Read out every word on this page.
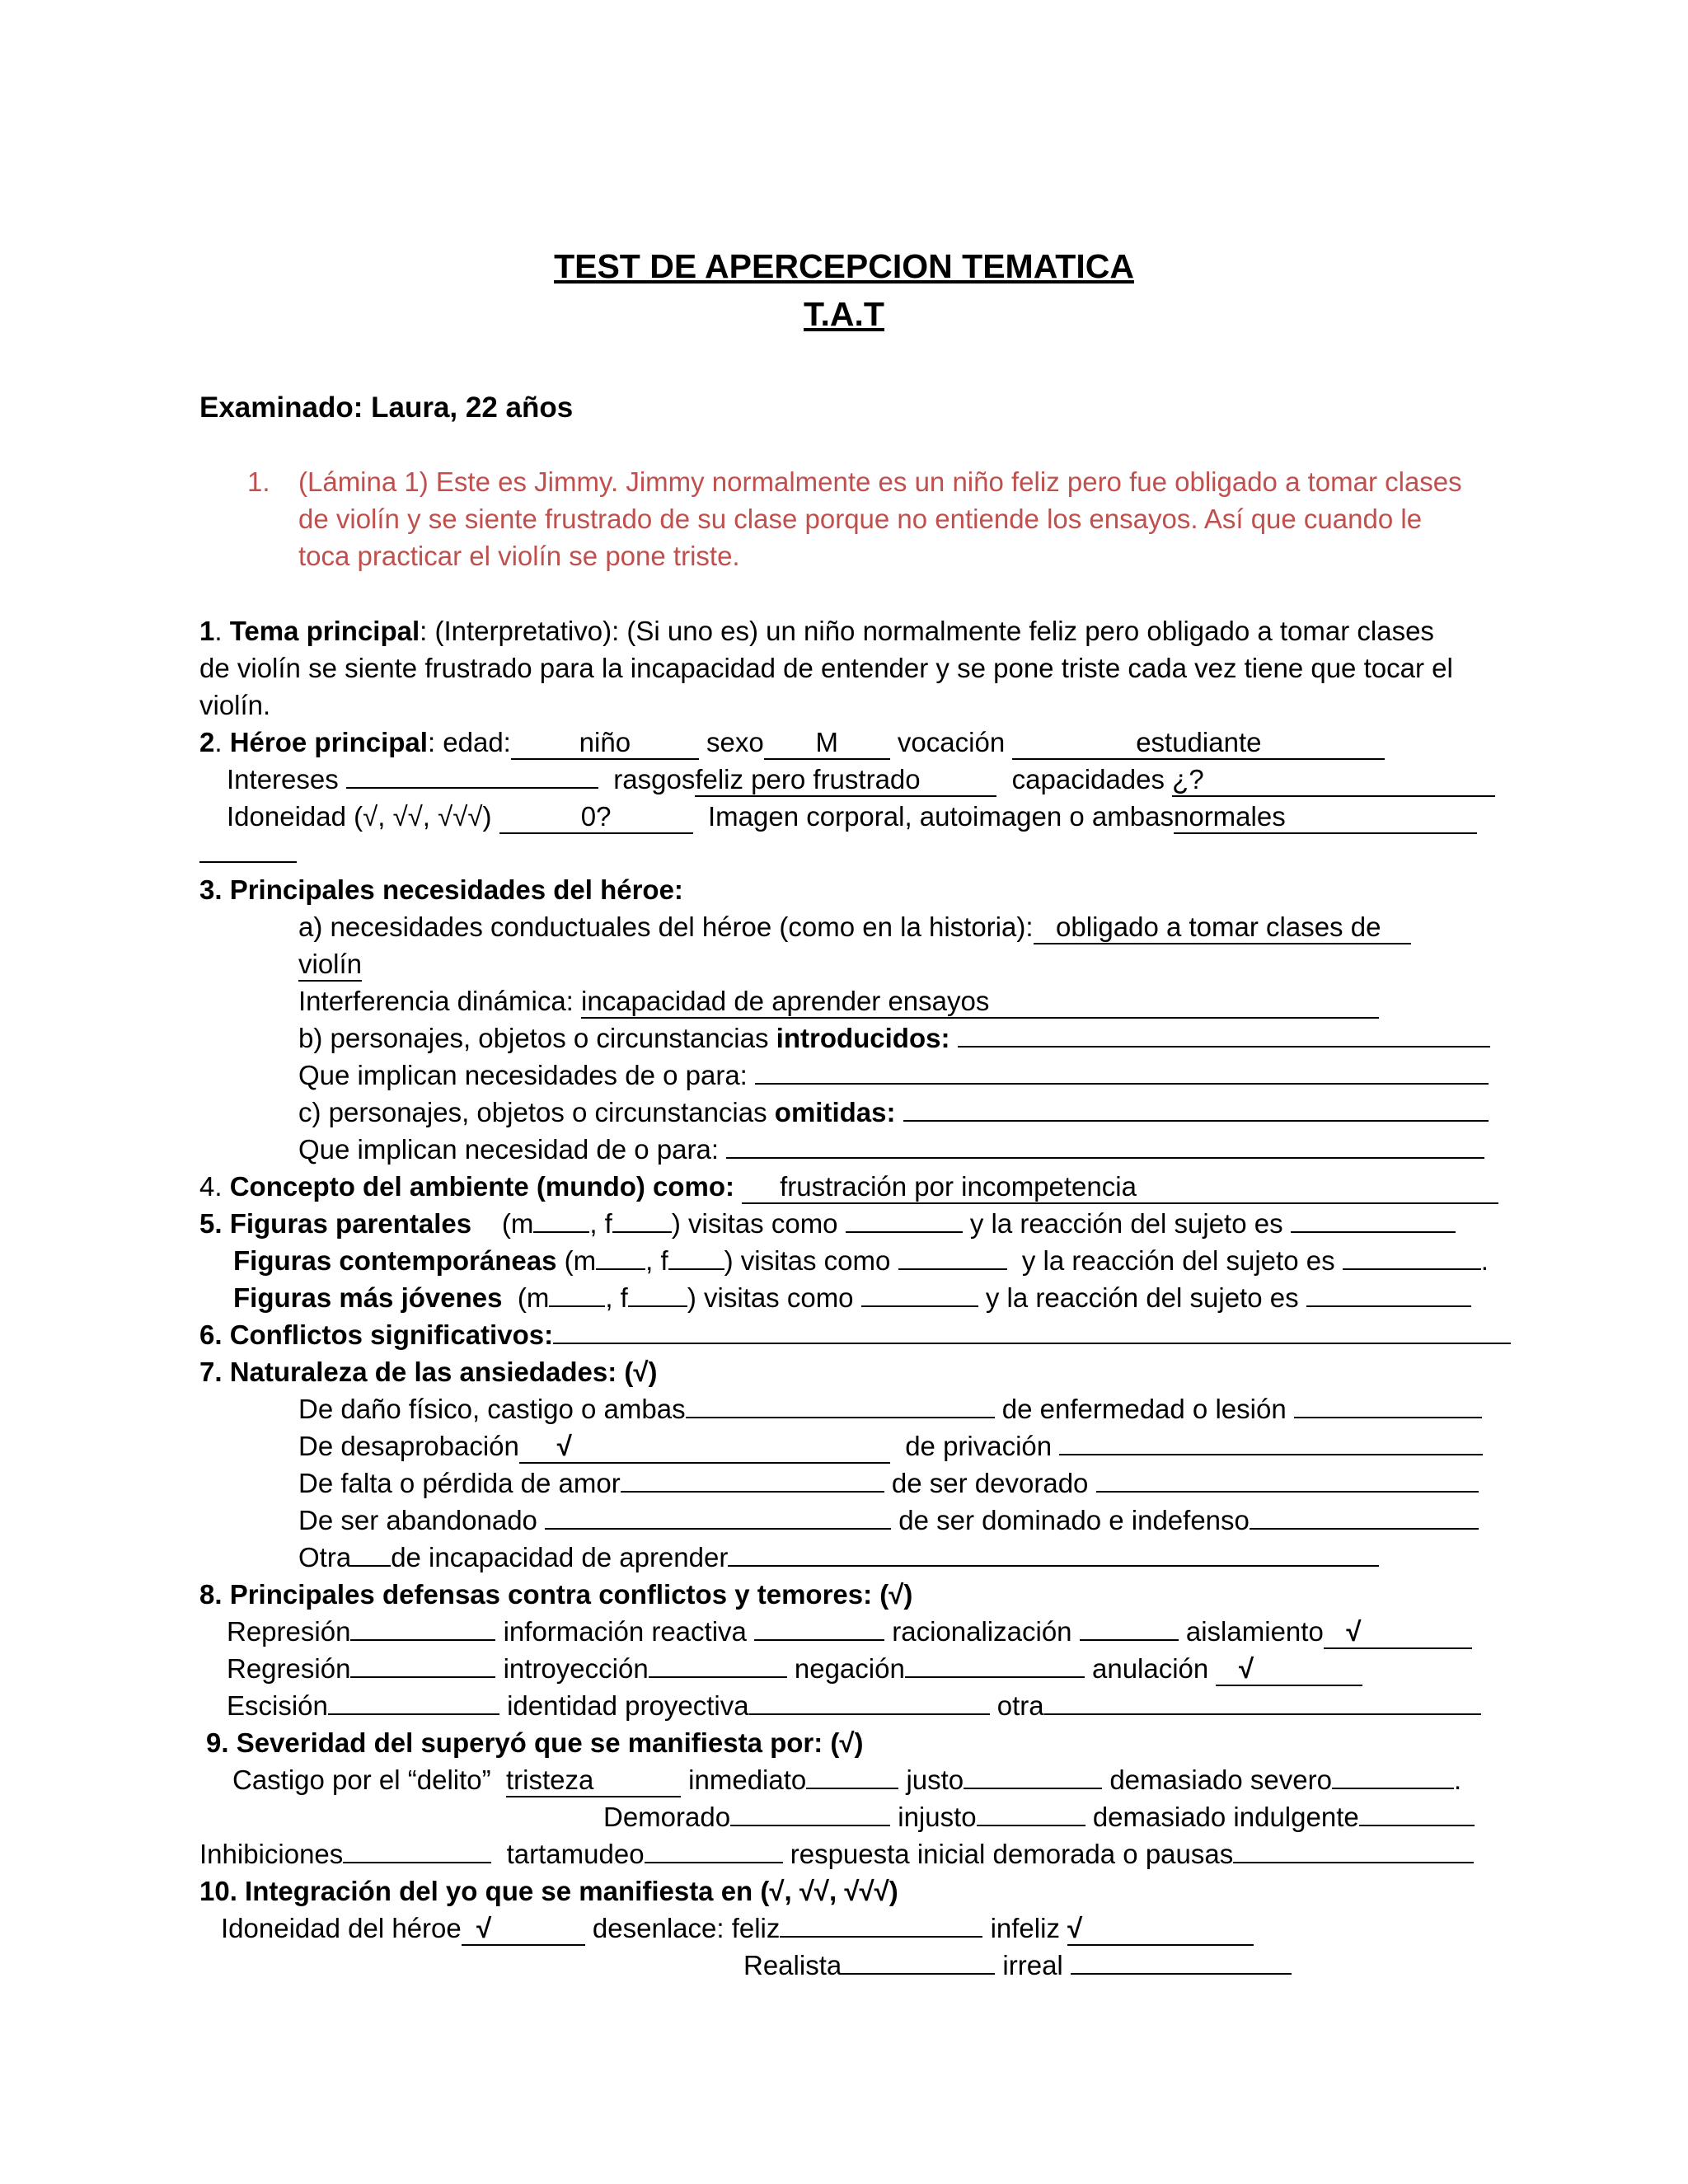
TEST DE APERCEPCION TEMATICA
T.A.T
Examinado: Laura, 22 años
1. (Lámina 1) Este es Jimmy. Jimmy normalmente es un niño feliz pero fue obligado a tomar clases
de violín y se siente frustrado de su clase porque no entiende los ensayos. Así que cuando le
toca practicar el violín se pone triste.
1. Tema principal: (Interpretativo): (Si uno es) un niño normalmente feliz pero obligado a tomar clases
de violín se siente frustrado para la incapacidad de entender y se pone triste cada vez tiene que tocar el
violín.
2. Héroe principal: edad:	niño	sexo M vocación	estudiante
Intereses	rasgosfeliz pero frustrado	capacidades ¿?
Idoneidad (√, √√, √√√)	0?	Imagen corporal, autoimagen o ambasnormales
3. Principales necesidades del héroe:
a) necesidades conductuales del héroe (como en la historia): obligado a tomar clases de
violín
Interferencia dinámica: incapacidad de aprender ensayos
b) personajes, objetos o circunstancias introducidos:
Que implican necesidades de o para:
c) personajes, objetos o circunstancias omitidas:
Que implican necesidad de o para:
4. Concepto del ambiente (mundo) como: frustración por incompetencia
5. Figuras parentales (m , f ) visitas como	y la reacción del sujeto es
Figuras contemporáneas (m , f ) visitas como	y la reacción del sujeto es	.
Figuras más jóvenes (m , f ) visitas como	y la reacción del sujeto es
6. Conflictos significativos:
7. Naturaleza de las ansiedades: (√)
De daño físico, castigo o ambas	de enfermedad o lesión
De desaprobación √	de privación
De falta o pérdida de amor	de ser devorado
De ser abandonado	de ser dominado e indefenso
Otra de incapacidad de aprender
8. Principales defensas contra conflictos y temores: (√)
Represión	información reactiva	racionalización	aislamiento √
Regresión	introyección	negación	anulación √
Escisión	identidad proyectiva	otra
9. Severidad del superyó que se manifiesta por: (√)
Castigo por el “delito” tristeza	inmediato	justo	demasiado severo	.
Demorado	injusto	demasiado indulgente
Inhibiciones	tartamudeo	respuesta inicial demorada o pausas
10. Integración del yo que se manifiesta en (√, √√, √√√)
Idoneidad del héroe √	desenlace: feliz	infeliz √
Realista	irreal
